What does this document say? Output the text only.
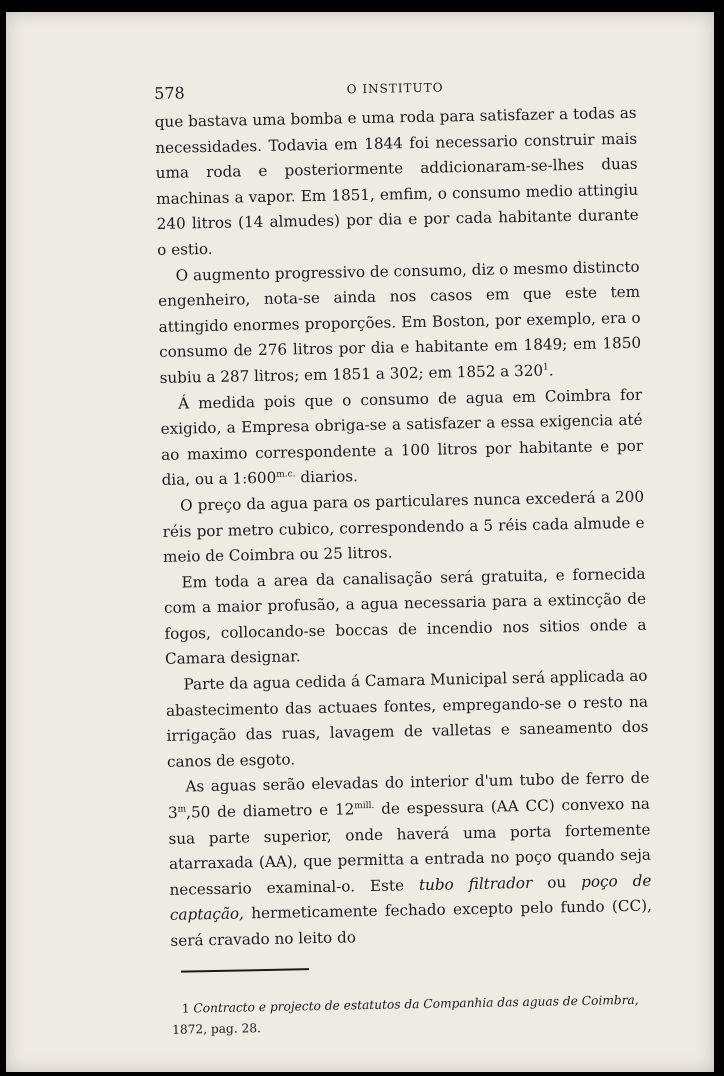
578	O INSTITUTO

que bastava uma bomba e uma roda para satisfazer a todas as necessidades. Todavia em 1844 foi necessario construir mais uma roda e posteriormente addicionaram-se-lhes duas machinas a vapor. Em 1851, emfim, o consumo medio attingiu 240 litros (14 almudes) por dia e por cada habitante durante o estio.

O augmento progressivo de consumo, diz o mesmo distincto engenheiro, nota-se ainda nos casos em que este tem attingido enormes proporções. Em Boston, por exemplo, era o consumo de 276 litros por dia e habitante em 1849; em 1850 subiu a 287 litros; em 1851 a 302; em 1852 a $320^1$.

Á medida pois que o consumo de agua em Coimbra for exigido, a Empresa obriga-se a satisfazer a essa exigencia até ao maximo correspondente a 100 litros por habitante e por dia, ou a $1:600^{m.c.}$ diarios.

O preço da agua para os particulares nunca excederá a 200 réis por metro cubico, correspondendo a 5 réis cada almude e meio de Coimbra ou 25 litros.

Em toda a area da canalisação será gratuita, e fornecida com a maior profusão, a agua necessaria para a extincção de fogos, collocando-se boccas de incendio nos sitios onde a Camara designar.

Parte da agua cedida á Camara Municipal será applicada ao abastecimento das actuaes fontes, empregando-se o resto na irrigação das ruas, lavagem de valletas e saneamento dos canos de esgoto.

As aguas serão elevadas do interior d'um tubo de ferro de 3$^m$,50 de diametro e $12^{mill.}$ de espessura (AA CC) convexo na sua parte superior, onde haverá uma porta fortemente atarraxada (AA), que permitta a entrada no poço quando seja necessario examinal-o. Este tubo filtrador ou poço de captação, hermeticamente fechado excepto pelo fundo (CC), será cravado no leito do

1 Contracto e projecto de estatutos da Companhia das aguas de Coimbra,
1872, pag. 28.
